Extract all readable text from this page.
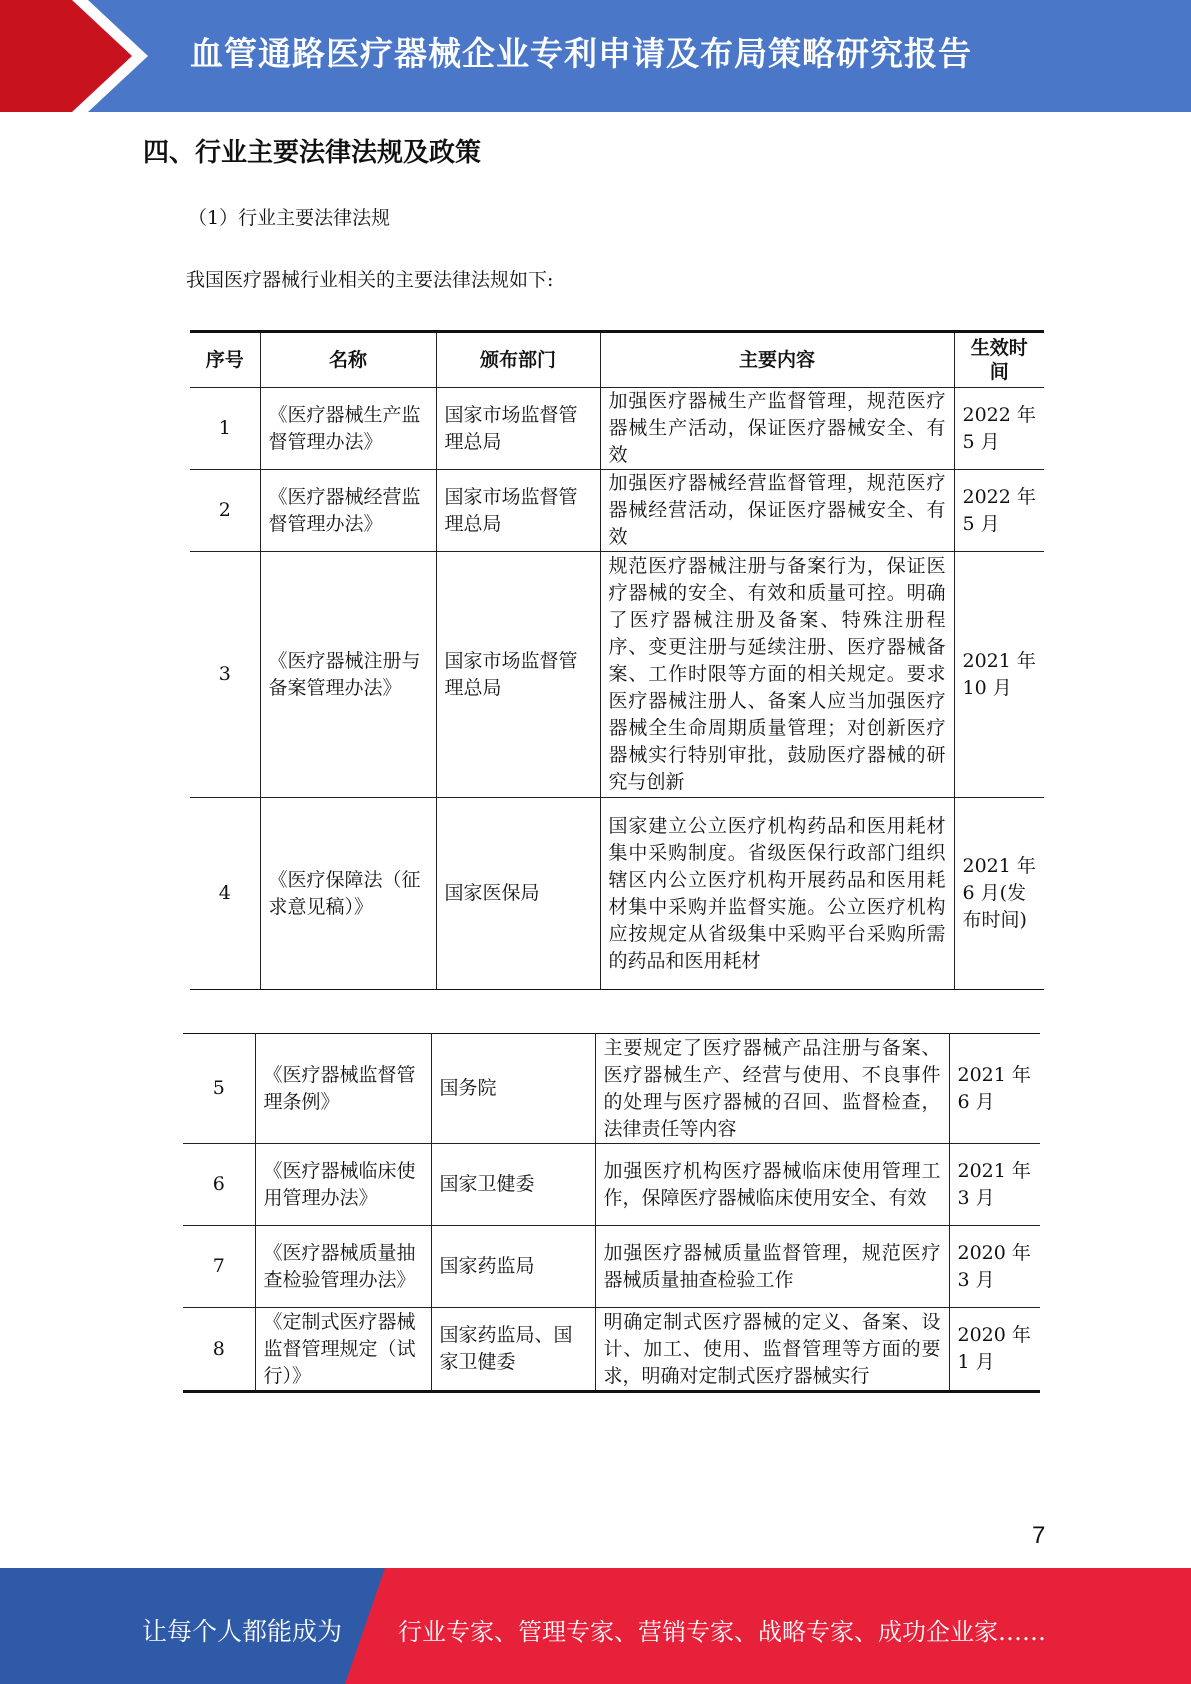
血管通路医疗器械企业专利申请及布局策略研究报告
四、行业主要法律法规及政策
（1）行业主要法律法规
我国医疗器械行业相关的主要法律法规如下:
序号	名称	颁布部门	主要内容	生效时间
1	《医疗器械生产监督管理办法》	国家市场监督管理总局	加强医疗器械生产监督管理，规范医疗器械生产活动，保证医疗器械安全、有效	2022 年 5 月
2	《医疗器械经营监督管理办法》	国家市场监督管理总局	加强医疗器械经营监督管理，规范医疗器械经营活动，保证医疗器械安全、有效	2022 年 5 月
3	《医疗器械注册与备案管理办法》	国家市场监督管理总局	规范医疗器械注册与备案行为，保证医疗器械的安全、有效和质量可控。明确了医疗器械注册及备案、特殊注册程序、变更注册与延续注册、医疗器械备案、工作时限等方面的相关规定。要求医疗器械注册人、备案人应当加强医疗器械全生命周期质量管理；对创新医疗器械实行特别审批，鼓励医疗器械的研究与创新	2021 年 10 月
4	《医疗保障法（征求意见稿）》	国家医保局	国家建立公立医疗机构药品和医用耗材集中采购制度。省级医保行政部门组织辖区内公立医疗机构开展药品和医用耗材集中采购并监督实施。公立医疗机构应按规定从省级集中采购平台采购所需的药品和医用耗材	2021 年 6 月(发布时间)
5	《医疗器械监督管理条例》	国务院	主要规定了医疗器械产品注册与备案、医疗器械生产、经营与使用、不良事件的处理与医疗器械的召回、监督检查，法律责任等内容	2021 年 6 月
6	《医疗器械临床使用管理办法》	国家卫健委	加强医疗机构医疗器械临床使用管理工作，保障医疗器械临床使用安全、有效	2021 年 3 月
7	《医疗器械质量抽查检验管理办法》	国家药监局	加强医疗器械质量监督管理，规范医疗器械质量抽查检验工作	2020 年 3 月
8	《定制式医疗器械监督管理规定（试行）》	国家药监局、国家卫健委	明确定制式医疗器械的定义、备案、设计、加工、使用、监督管理等方面的要求，明确对定制式医疗器械实行	2020 年 1 月
7
让每个人都能成为 行业专家、管理专家、营销专家、战略专家、成功企业家……
